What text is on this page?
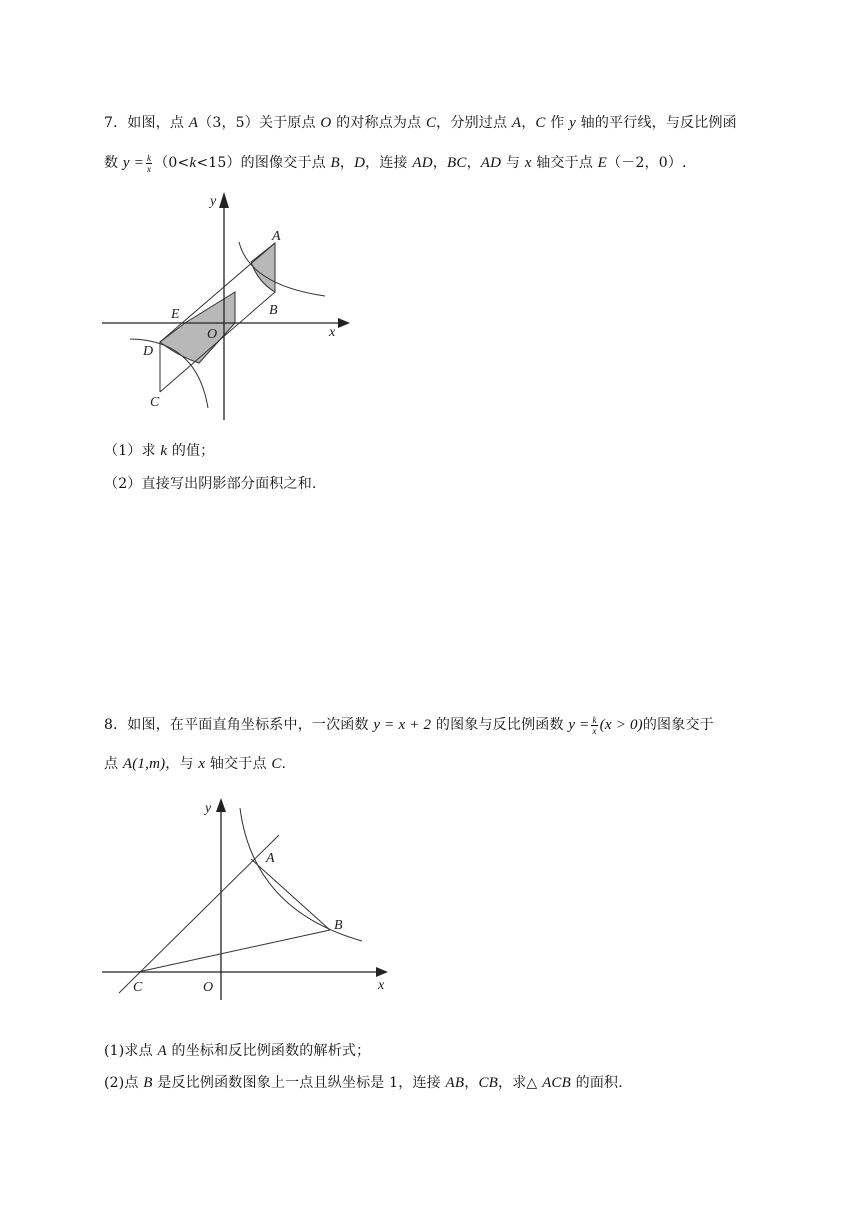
7．如图，点 A（3，5）关于原点 O 的对称点为点 C，分别过点 A，C 作 y 轴的平行线，与反比例函
数 $y = \frac{k}{x} (0<k<15)$的图像交于点 B，D，连接 AD，BC，AD 与 x 轴交于点 E（－2，0）.
y
x
A
B
E
O
D
C
（1）求 k 的值；
（2）直接写出阴影部分面积之和.
8．如图，在平面直角坐标系中，一次函数 y = x + 2 的图象与反比例函数 $y = \frac{k}{x} (x > 0)$的图象交于
点 A(1,m)，与 x 轴交于点 C.
y
x
A
B
C	O
(1)求点 A 的坐标和反比例函数的解析式；
(2)点 B 是反比例函数图象上一点且纵坐标是 1，连接 AB，CB，求△ ACB 的面积.
